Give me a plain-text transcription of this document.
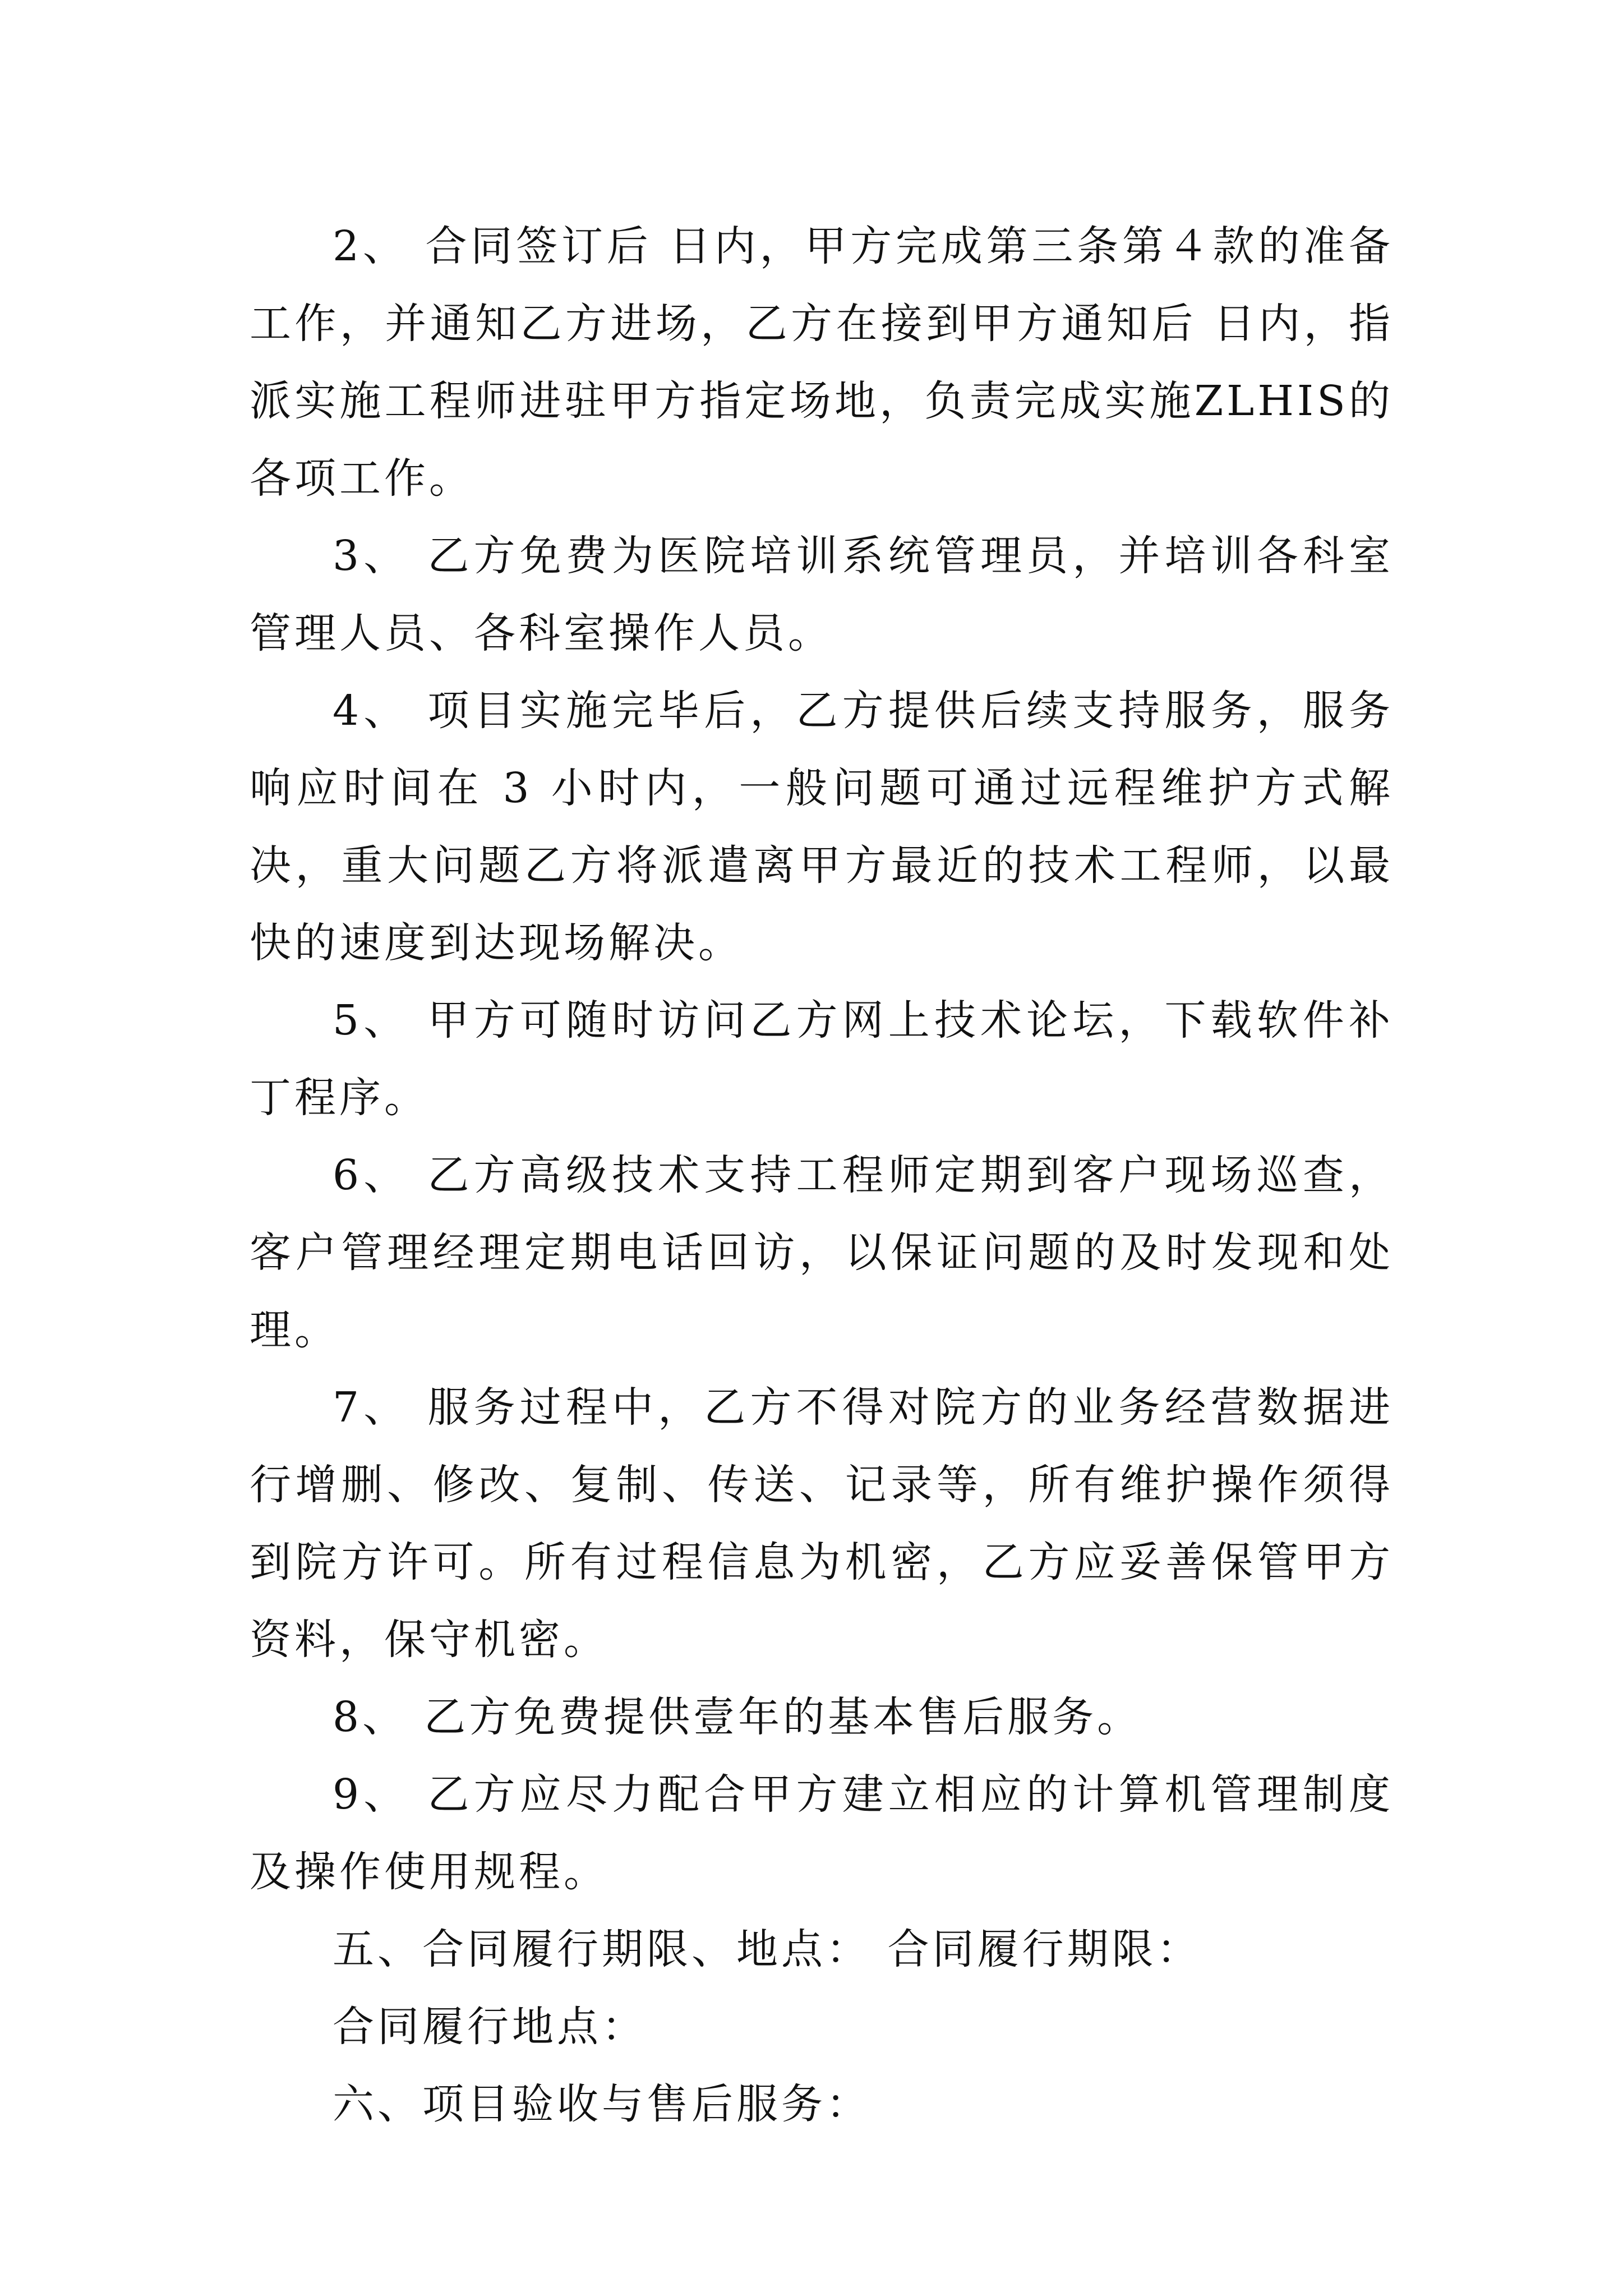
2、 合同签订后 日内，甲方完成第三条第４款的准备工作，并通知乙方进场，乙方在接到甲方通知后 日内，指派实施工程师进驻甲方指定场地，负责完成实施ZLHIS的各项工作。

3、 乙方免费为医院培训系统管理员，并培训各科室管理人员、各科室操作人员。

4、 项目实施完毕后，乙方提供后续支持服务，服务响应时间在 3 小时内，一般问题可通过远程维护方式解决，重大问题乙方将派遣离甲方最近的技术工程师，以最快的速度到达现场解决。

5、 甲方可随时访问乙方网上技术论坛，下载软件补丁程序。

6、 乙方高级技术支持工程师定期到客户现场巡查，客户管理经理定期电话回访，以保证问题的及时发现和处理。

7、 服务过程中，乙方不得对院方的业务经营数据进行增删、修改、复制、传送、记录等，所有维护操作须得到院方许可。所有过程信息为机密，乙方应妥善保管甲方资料，保守机密。

8、 乙方免费提供壹年的基本售后服务。

9、 乙方应尽力配合甲方建立相应的计算机管理制度及操作使用规程。

五、合同履行期限、地点： 合同履行期限：

合同履行地点：

六、项目验收与售后服务：
